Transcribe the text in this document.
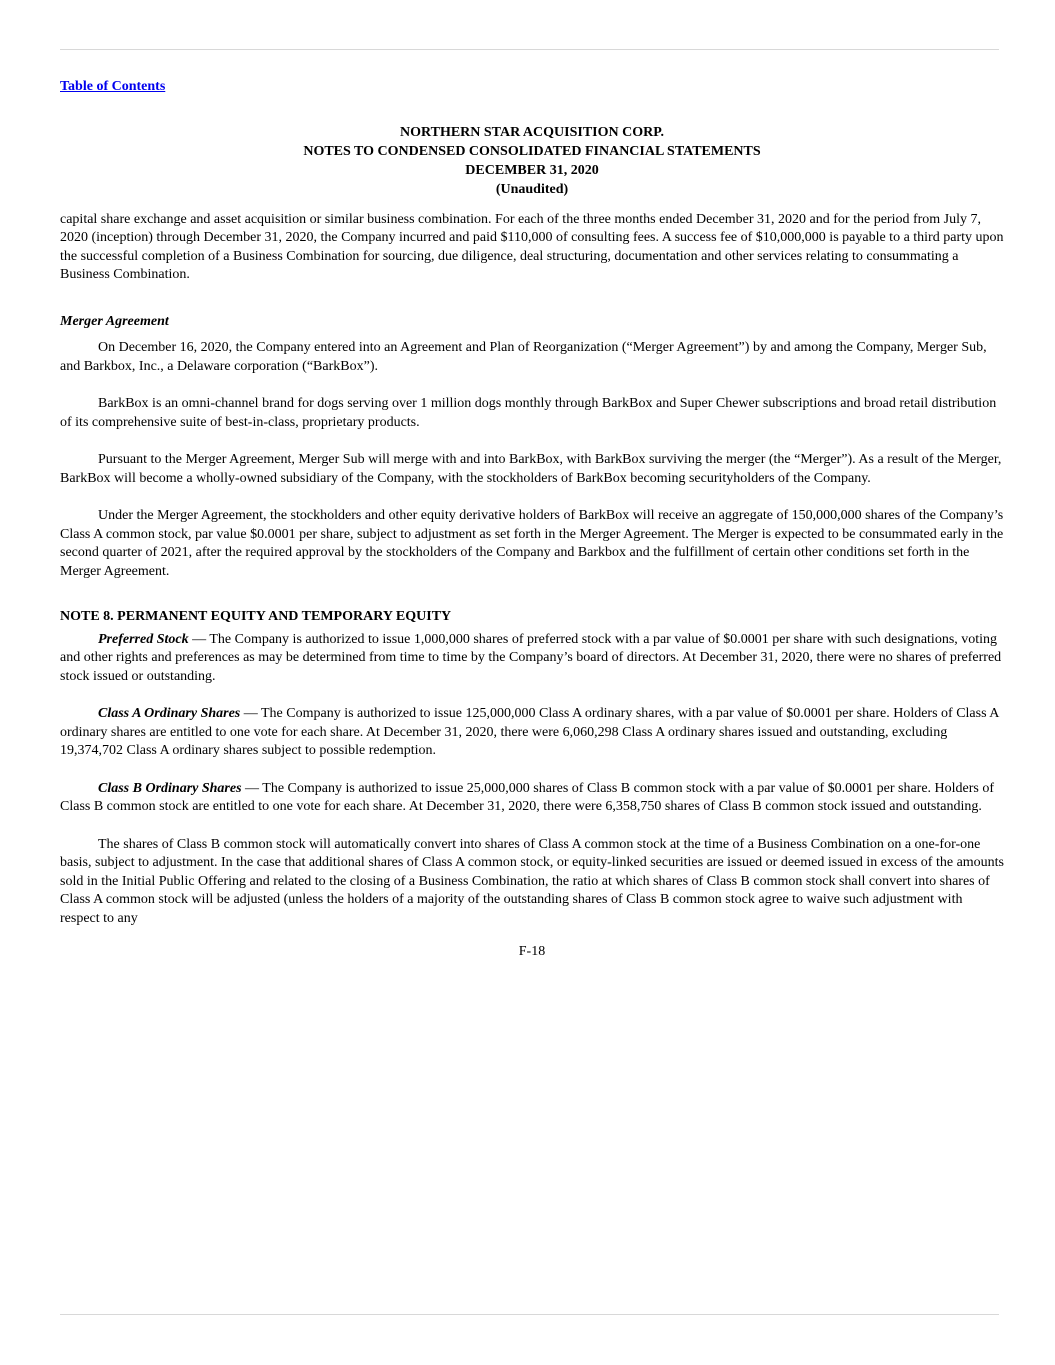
Table of Contents
NORTHERN STAR ACQUISITION CORP.
NOTES TO CONDENSED CONSOLIDATED FINANCIAL STATEMENTS
DECEMBER 31, 2020
(Unaudited)

capital share exchange and asset acquisition or similar business combination. For each of the three months ended December 31, 2020 and for the period from July 7, 2020 (inception) through December 31, 2020, the Company incurred and paid $110,000 of consulting fees. A success fee of $10,000,000 is payable to a third party upon the successful completion of a Business Combination for sourcing, due diligence, deal structuring, documentation and other services relating to consummating a Business Combination.

Merger Agreement

On December 16, 2020, the Company entered into an Agreement and Plan of Reorganization (“Merger Agreement”) by and among the Company, Merger Sub, and Barkbox, Inc., a Delaware corporation (“BarkBox”).

BarkBox is an omni-channel brand for dogs serving over 1 million dogs monthly through BarkBox and Super Chewer subscriptions and broad retail distribution of its comprehensive suite of best-in-class, proprietary products.

Pursuant to the Merger Agreement, Merger Sub will merge with and into BarkBox, with BarkBox surviving the merger (the “Merger”). As a result of the Merger, BarkBox will become a wholly-owned subsidiary of the Company, with the stockholders of BarkBox becoming securityholders of the Company.

Under the Merger Agreement, the stockholders and other equity derivative holders of BarkBox will receive an aggregate of 150,000,000 shares of the Company’s Class A common stock, par value $0.0001 per share, subject to adjustment as set forth in the Merger Agreement. The Merger is expected to be consummated early in the second quarter of 2021, after the required approval by the stockholders of the Company and Barkbox and the fulfillment of certain other conditions set forth in the Merger Agreement.

NOTE 8. PERMANENT EQUITY AND TEMPORARY EQUITY

Preferred Stock — The Company is authorized to issue 1,000,000 shares of preferred stock with a par value of $0.0001 per share with such designations, voting and other rights and preferences as may be determined from time to time by the Company’s board of directors. At December 31, 2020, there were no shares of preferred stock issued or outstanding.

Class A Ordinary Shares — The Company is authorized to issue 125,000,000 Class A ordinary shares, with a par value of $0.0001 per share. Holders of Class A ordinary shares are entitled to one vote for each share. At December 31, 2020, there were 6,060,298 Class A ordinary shares issued and outstanding, excluding 19,374,702 Class A ordinary shares subject to possible redemption.

Class B Ordinary Shares — The Company is authorized to issue 25,000,000 shares of Class B common stock with a par value of $0.0001 per share. Holders of Class B common stock are entitled to one vote for each share. At December 31, 2020, there were 6,358,750 shares of Class B common stock issued and outstanding.

The shares of Class B common stock will automatically convert into shares of Class A common stock at the time of a Business Combination on a one-for-one basis, subject to adjustment. In the case that additional shares of Class A common stock, or equity-linked securities are issued or deemed issued in excess of the amounts sold in the Initial Public Offering and related to the closing of a Business Combination, the ratio at which shares of Class B common stock shall convert into shares of Class A common stock will be adjusted (unless the holders of a majority of the outstanding shares of Class B common stock agree to waive such adjustment with respect to any

F-18
